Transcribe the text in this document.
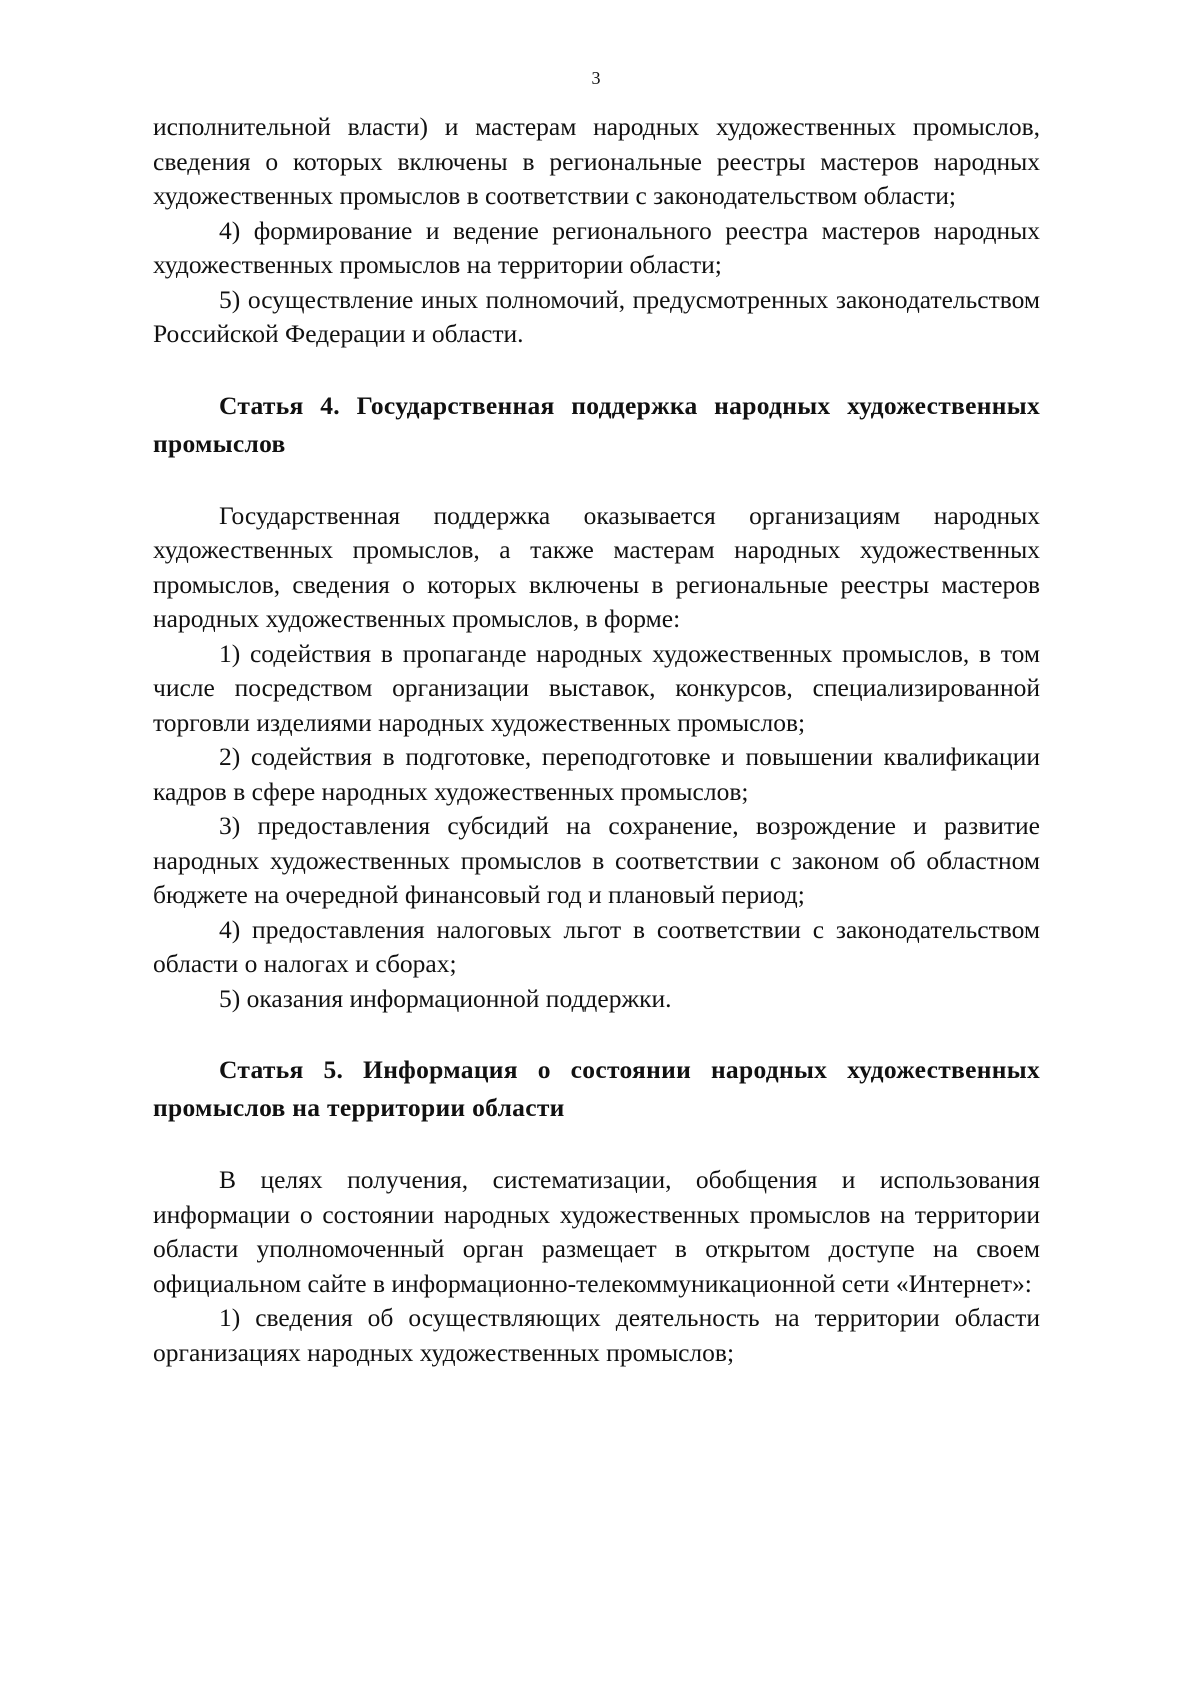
3

исполнительной власти) и мастерам народных художественных промыслов,

сведения о которых включены в региональные реестры мастеров народных

художественных промыслов в соответствии с законодательством области;

4) формирование и ведение регионального реестра мастеров народных художественных промыслов на территории области;

5) осуществление иных полномочий, предусмотренных законодательством Российской Федерации и области.

Статья 4. Государственная поддержка народных художественных промыслов

Государственная поддержка оказывается организациям народных художественных промыслов, а также мастерам народных художественных промыслов, сведения о которых включены в региональные реестры мастеров народных художественных промыслов, в форме:

1) содействия в пропаганде народных художественных промыслов, в том числе посредством организации выставок, конкурсов, специализированной торговли изделиями народных художественных промыслов;

2) содействия в подготовке, переподготовке и повышении квалификации кадров в сфере народных художественных промыслов;

3) предоставления субсидий на сохранение, возрождение и развитие народных художественных промыслов в соответствии с законом об областном бюджете на очередной финансовый год и плановый период;

4) предоставления налоговых льгот в соответствии с законодательством области о налогах и сборах;

5) оказания информационной поддержки.

Статья 5. Информация о состоянии народных художественных промыслов на территории области

В целях получения, систематизации, обобщения и использования информации о состоянии народных художественных промыслов на территории области уполномоченный орган размещает в открытом доступе на своем официальном сайте в информационно-телекоммуникационной сети «Интернет»:

1) сведения об осуществляющих деятельность на территории области организациях народных художественных промыслов;
